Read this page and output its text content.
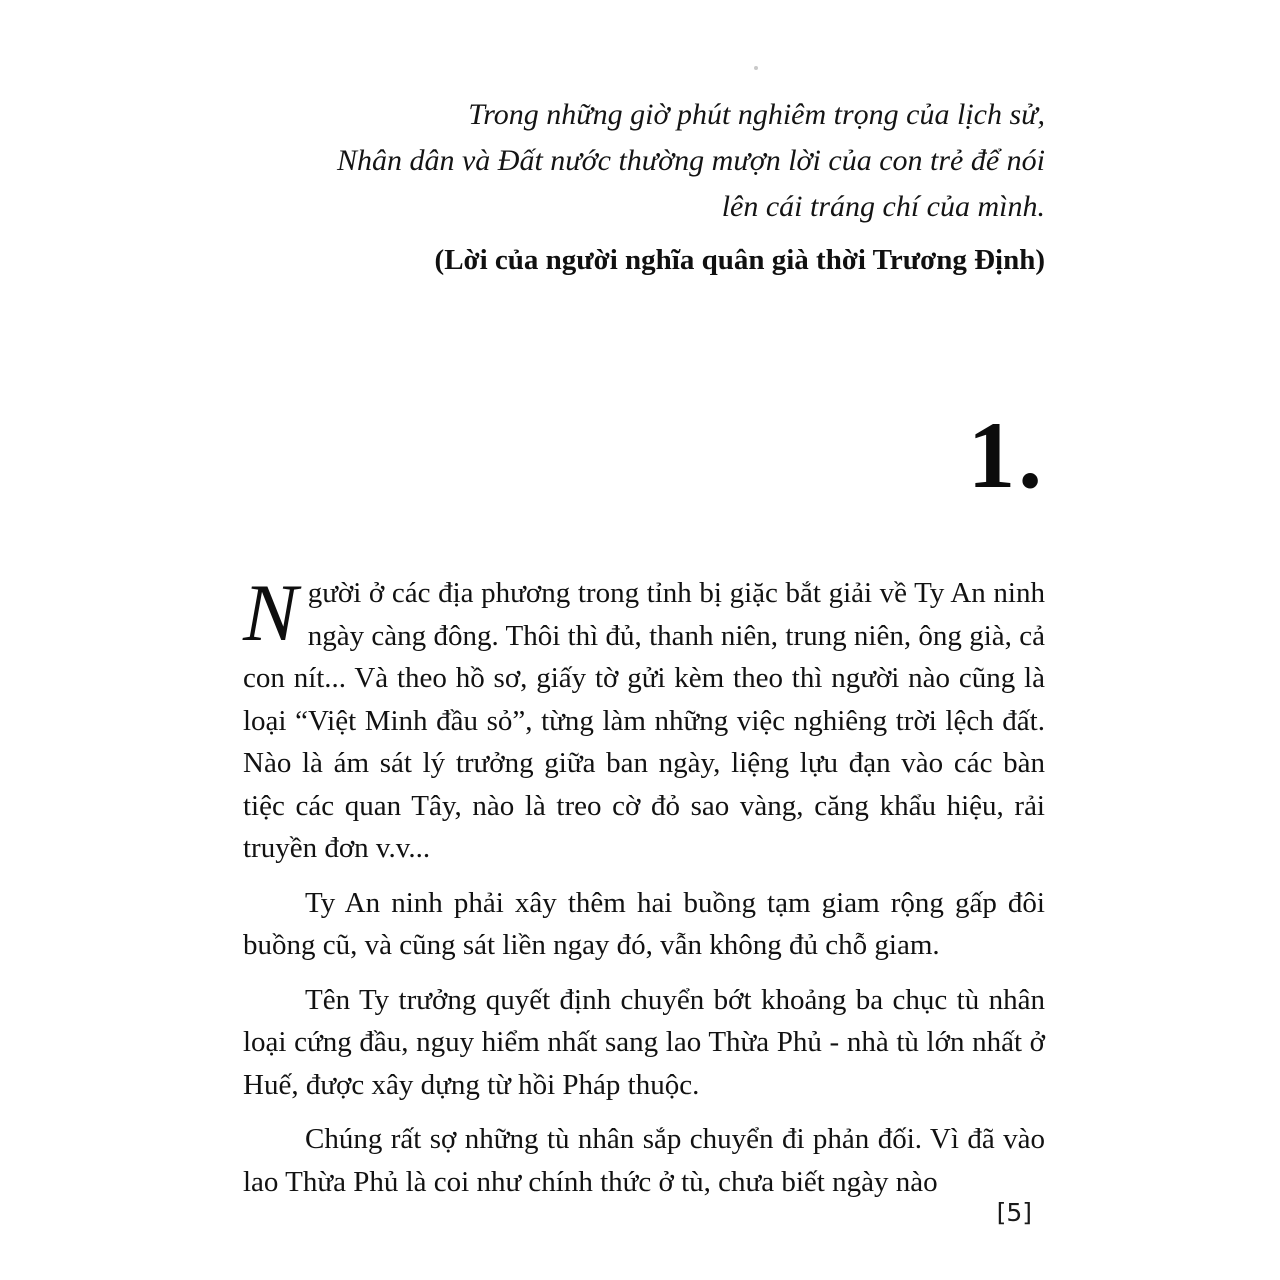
Trong những giờ phút nghiêm trọng của lịch sử,
Nhân dân và Đất nước thường mượn lời của con trẻ để nói
lên cái tráng chí của mình.
(Lời của người nghĩa quân già thời Trương Định)
1.

Người ở các địa phương trong tỉnh bị giặc bắt giải về Ty An ninh ngày càng đông. Thôi thì đủ, thanh niên, trung niên, ông già, cả con nít... Và theo hồ sơ, giấy tờ gửi kèm theo thì người nào cũng là loại “Việt Minh đầu sỏ”, từng làm những việc nghiêng trời lệch đất. Nào là ám sát lý trưởng giữa ban ngày, liệng lựu đạn vào các bàn tiệc các quan Tây, nào là treo cờ đỏ sao vàng, căng khẩu hiệu, rải truyền đơn v.v...

Ty An ninh phải xây thêm hai buồng tạm giam rộng gấp đôi buồng cũ, và cũng sát liền ngay đó, vẫn không đủ chỗ giam.

Tên Ty trưởng quyết định chuyển bớt khoảng ba chục tù nhân loại cứng đầu, nguy hiểm nhất sang lao Thừa Phủ - nhà tù lớn nhất ở Huế, được xây dựng từ hồi Pháp thuộc.

Chúng rất sợ những tù nhân sắp chuyển đi phản đối. Vì đã vào lao Thừa Phủ là coi như chính thức ở tù, chưa biết ngày nào

[5]
